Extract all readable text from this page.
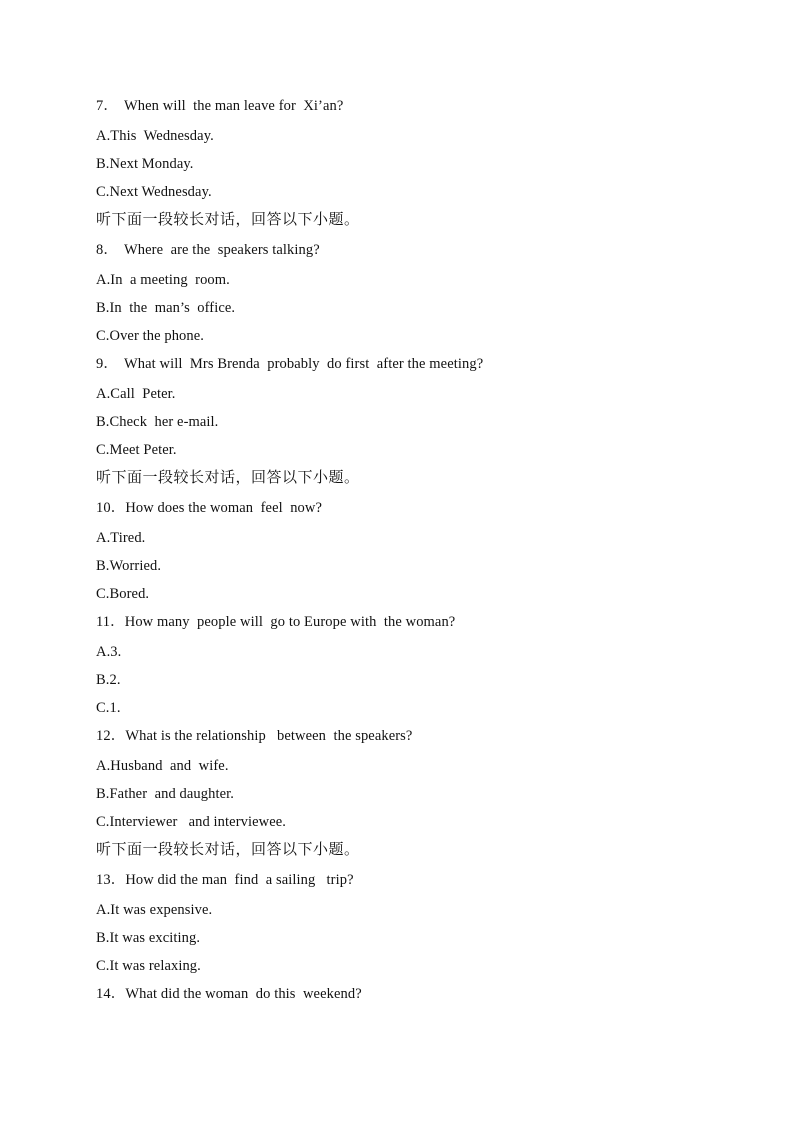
7． When will  the man leave for  Xi’an?
A.This  Wednesday.
B.Next Monday.
C.Next Wednesday.
听下面一段较长对话，回答以下小题。
8． Where  are the  speakers talking?
A.In  a meeting  room.
B.In  the  man’s  office.
C.Over the phone.
9． What will  Mrs Brenda  probably  do first  after the meeting?
A.Call  Peter.
B.Check  her e-mail.
C.Meet Peter.
听下面一段较长对话，回答以下小题。
10．How does the woman  feel  now?
A.Tired.
B.Worried.
C.Bored.
11．How many  people will  go to Europe with  the woman?
A.3.
B.2.
C.1.
12．What is the relationship   between  the speakers?
A.Husband  and  wife.
B.Father  and daughter.
C.Interviewer   and interviewee.
听下面一段较长对话，回答以下小题。
13．How did the man  find  a sailing   trip?
A.It was expensive.
B.It was exciting.
C.It was relaxing.
14．What did the woman  do this  weekend?
